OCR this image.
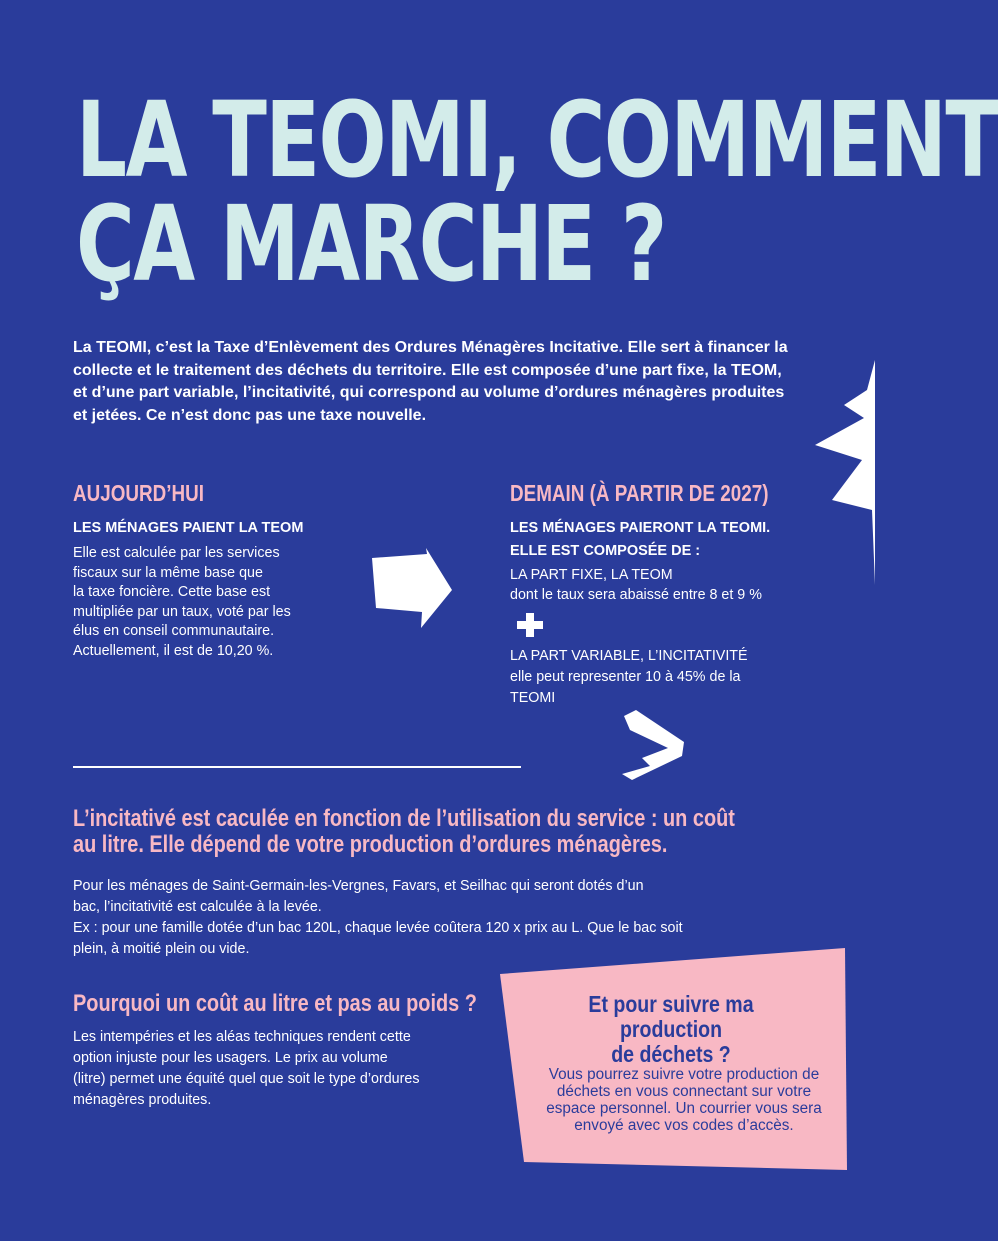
LA TEOMI, COMMENT
ÇA MARCHE ?
La TEOMI, c’est la Taxe d’Enlèvement des Ordures Ménagères Incitative. Elle sert à financer la collecte et le traitement des déchets du territoire. Elle est composée d’une part fixe, la TEOM, et d’une part variable, l’incitativité, qui correspond au volume d’ordures ménagères produites et jetées. Ce n’est donc pas une taxe nouvelle.
AUJOURD’HUI
LES MÉNAGES PAIENT LA TEOM
Elle est calculée par les services
fiscaux sur la même base que
la taxe foncière. Cette base est
multipliée par un taux, voté par les
élus en conseil communautaire.
Actuellement, il est de 10,20 %.
DEMAIN (À PARTIR DE 2027)
LES MÉNAGES PAIERONT LA TEOMI.
ELLE EST COMPOSÉE DE :
LA PART FIXE, LA TEOM
dont le taux sera abaissé entre 8 et 9 %
LA PART VARIABLE, L’INCITATIVITÉ
elle peut representer 10 à 45% de la
TEOMI
L’incitativé est caculée en fonction de l’utilisation du service : un coût
au litre. Elle dépend de votre production d’ordures ménagères.
Pour les ménages de Saint-Germain-les-Vergnes, Favars, et Seilhac qui seront dotés d’un
bac, l’incitativité est calculée à la levée.
Ex : pour une famille dotée d’un bac 120L, chaque levée coûtera 120 x prix au L. Que le bac soit
plein, à moitié plein ou vide.
Pourquoi un coût au litre et pas au poids ?
Les intempéries et les aléas techniques rendent cette
option injuste pour les usagers. Le prix au volume
(litre) permet une équité quel que soit le type d’ordures
ménagères produites.
Et pour suivre ma production
de déchets ?
Vous pourrez suivre votre production de
déchets en vous connectant sur votre
espace personnel. Un courrier vous sera
envoyé avec vos codes d’accès.
